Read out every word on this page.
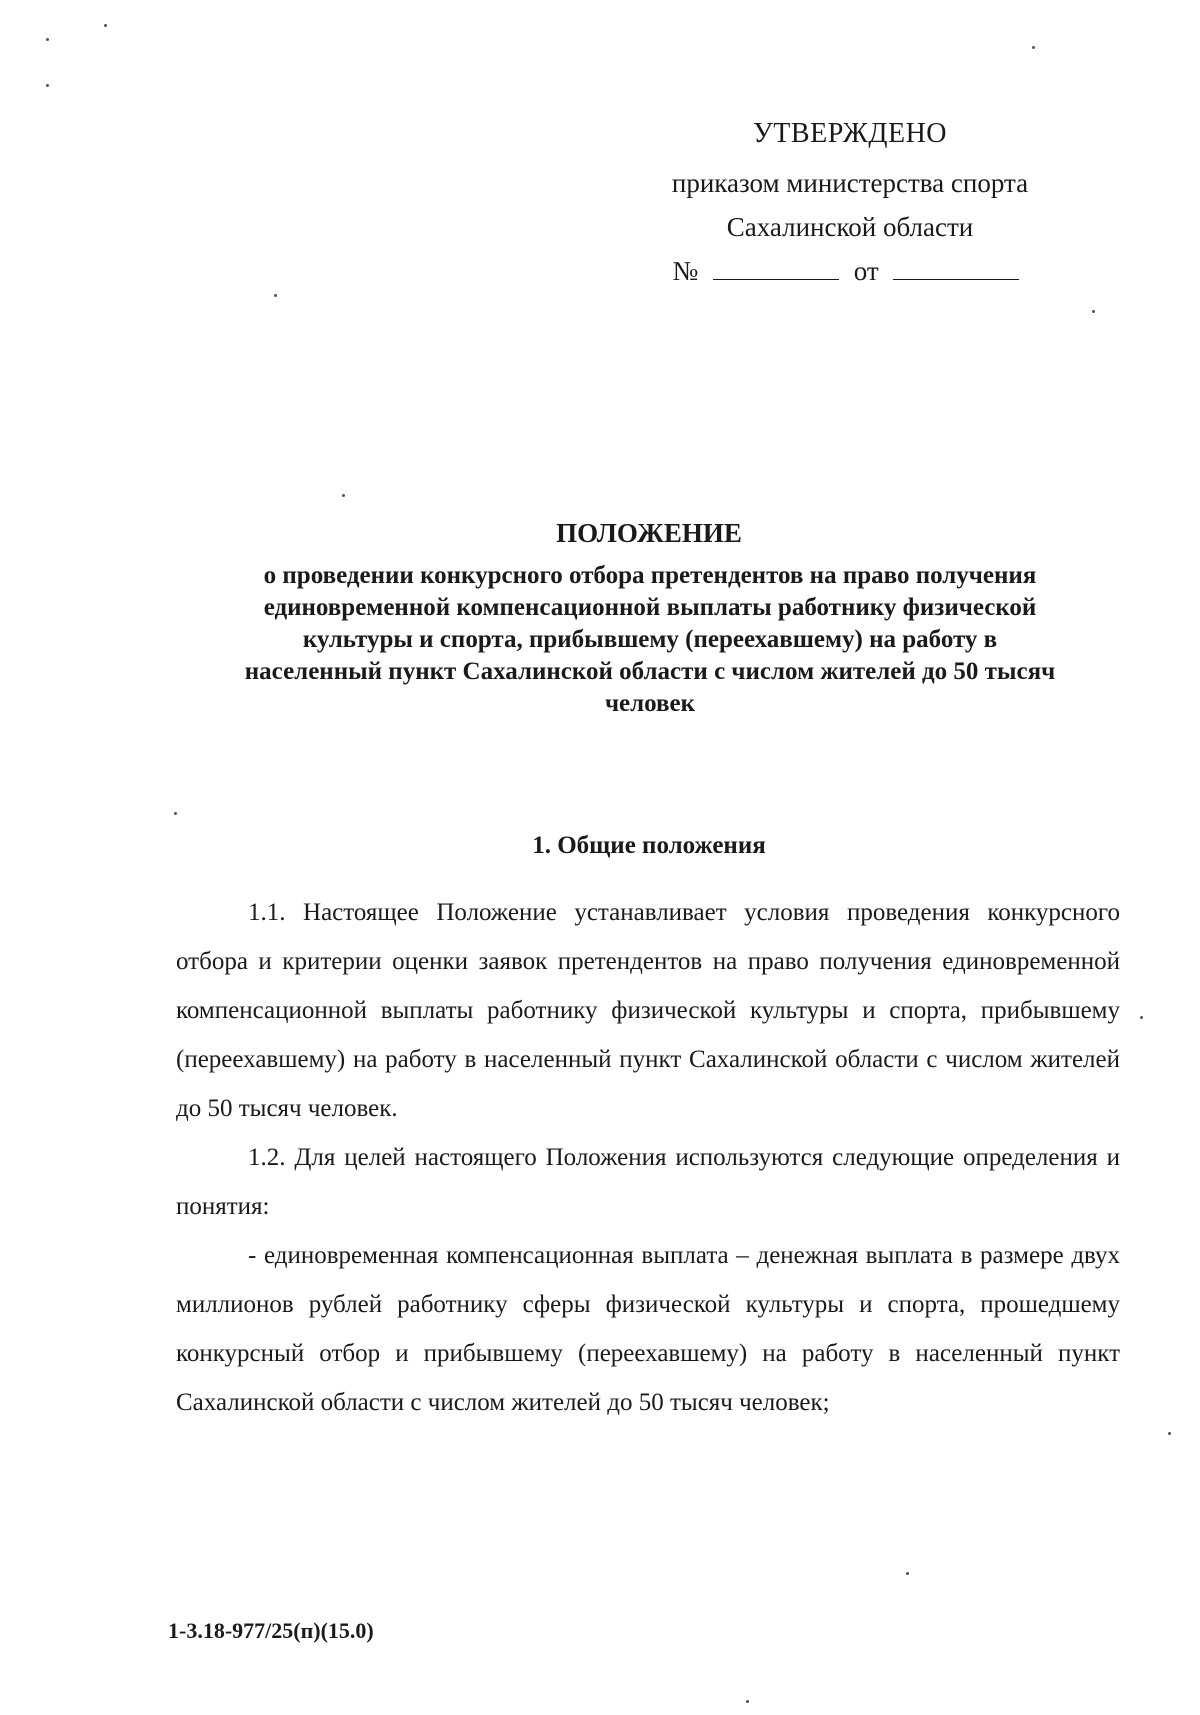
УТВЕРЖДЕНО
приказом министерства спорта
Сахалинской области
№	от
ПОЛОЖЕНИЕ
о проведении конкурсного отбора претендентов на право получения
единовременной компенсационной выплаты работнику физической
культуры и спорта, прибывшему (переехавшему) на работу в
населенный пункт Сахалинской области с числом жителей до 50 тысяч
человек
1. Общие положения

1.1. Настоящее Положение устанавливает условия проведения конкурсного отбора и критерии оценки заявок претендентов на право получения единовременной компенсационной выплаты работнику физической культуры и спорта, прибывшему (переехавшему) на работу в населенный пункт Сахалинской области с числом жителей до 50 тысяч человек.

1.2. Для целей настоящего Положения используются следующие определения и понятия:

- единовременная компенсационная выплата – денежная выплата в размере двух миллионов рублей работнику сферы физической культуры и спорта, прошедшему конкурсный отбор и прибывшему (переехавшему) на работу в населенный пункт Сахалинской области с числом жителей до 50 тысяч человек;

1-3.18-977/25(п)(15.0)
